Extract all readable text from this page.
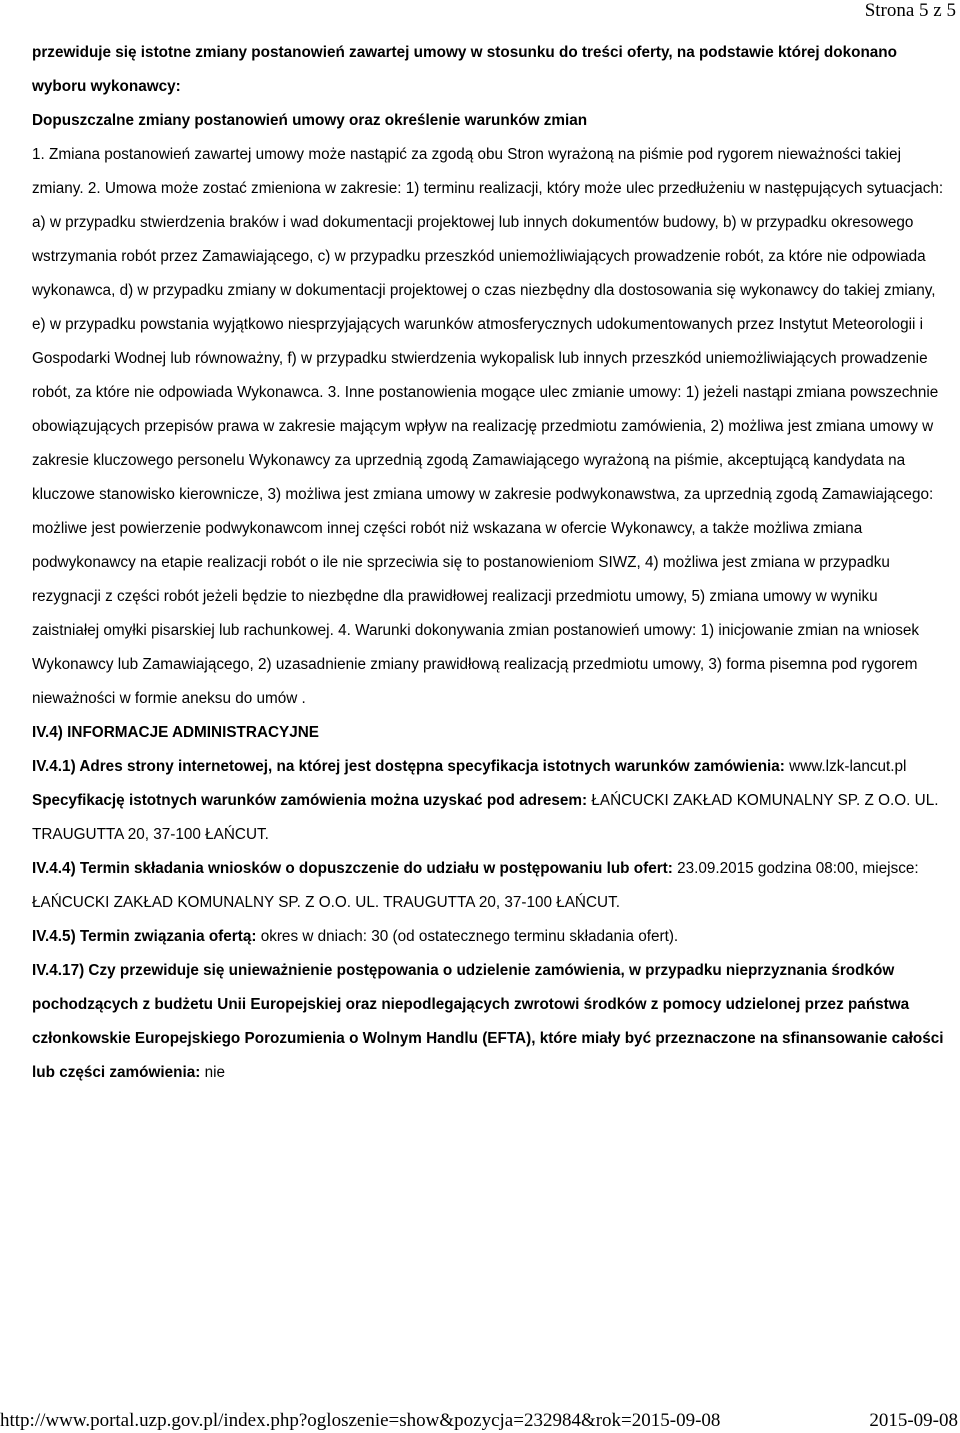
Strona 5 z 5

przewiduje się istotne zmiany postanowień zawartej umowy w stosunku do treści oferty, na podstawie której dokonano wyboru wykonawcy:

Dopuszczalne zmiany postanowień umowy oraz określenie warunków zmian

1. Zmiana postanowień zawartej umowy może nastąpić za zgodą obu Stron wyrażoną na piśmie pod rygorem nieważności takiej zmiany. 2. Umowa może zostać zmieniona w zakresie: 1) terminu realizacji, który może ulec przedłużeniu w następujących sytuacjach: a) w przypadku stwierdzenia braków i wad dokumentacji projektowej lub innych dokumentów budowy, b) w przypadku okresowego wstrzymania robót przez Zamawiającego, c) w przypadku przeszkód uniemożliwiających prowadzenie robót, za które nie odpowiada wykonawca, d) w przypadku zmiany w dokumentacji projektowej o czas niezbędny dla dostosowania się wykonawcy do takiej zmiany, e) w przypadku powstania wyjątkowo niesprzyjających warunków atmosferycznych udokumentowanych przez Instytut Meteorologii i Gospodarki Wodnej lub równoważny, f) w przypadku stwierdzenia wykopalisk lub innych przeszkód uniemożliwiających prowadzenie robót, za które nie odpowiada Wykonawca. 3. Inne postanowienia mogące ulec zmianie umowy: 1) jeżeli nastąpi zmiana powszechnie obowiązujących przepisów prawa w zakresie mającym wpływ na realizację przedmiotu zamówienia, 2) możliwa jest zmiana umowy w zakresie kluczowego personelu Wykonawcy za uprzednią zgodą Zamawiającego wyrażoną na piśmie, akceptującą kandydata na kluczowe stanowisko kierownicze, 3) możliwa jest zmiana umowy w zakresie podwykonawstwa, za uprzednią zgodą Zamawiającego: możliwe jest powierzenie podwykonawcom innej części robót niż wskazana w ofercie Wykonawcy, a także możliwa zmiana podwykonawcy na etapie realizacji robót o ile nie sprzeciwia się to postanowieniom SIWZ, 4) możliwa jest zmiana w przypadku rezygnacji z części robót jeżeli będzie to niezbędne dla prawidłowej realizacji przedmiotu umowy, 5) zmiana umowy w wyniku zaistniałej omyłki pisarskiej lub rachunkowej. 4. Warunki dokonywania zmian postanowień umowy: 1) inicjowanie zmian na wniosek Wykonawcy lub Zamawiającego, 2) uzasadnienie zmiany prawidłową realizacją przedmiotu umowy, 3) forma pisemna pod rygorem nieważności w formie aneksu do umów .

IV.4) INFORMACJE ADMINISTRACYJNE

IV.4.1) Adres strony internetowej, na której jest dostępna specyfikacja istotnych warunków zamówienia: www.lzk-lancut.pl

Specyfikację istotnych warunków zamówienia można uzyskać pod adresem: ŁAŃCUCKI ZAKŁAD KOMUNALNY SP. Z O.O. UL. TRAUGUTTA 20, 37-100 ŁAŃCUT.

IV.4.4) Termin składania wniosków o dopuszczenie do udziału w postępowaniu lub ofert: 23.09.2015 godzina 08:00, miejsce: ŁAŃCUCKI ZAKŁAD KOMUNALNY SP. Z O.O. UL. TRAUGUTTA 20, 37-100 ŁAŃCUT.

IV.4.5) Termin związania ofertą: okres w dniach: 30 (od ostatecznego terminu składania ofert).

IV.4.17) Czy przewiduje się unieważnienie postępowania o udzielenie zamówienia, w przypadku nieprzyznania środków pochodzących z budżetu Unii Europejskiej oraz niepodlegających zwrotowi środków z pomocy udzielonej przez państwa członkowskie Europejskiego Porozumienia o Wolnym Handlu (EFTA), które miały być przeznaczone na sfinansowanie całości lub części zamówienia: nie

http://www.portal.uzp.gov.pl/index.php?ogloszenie=show&pozycja=232984&rok=2015-09-08	2015-09-08
